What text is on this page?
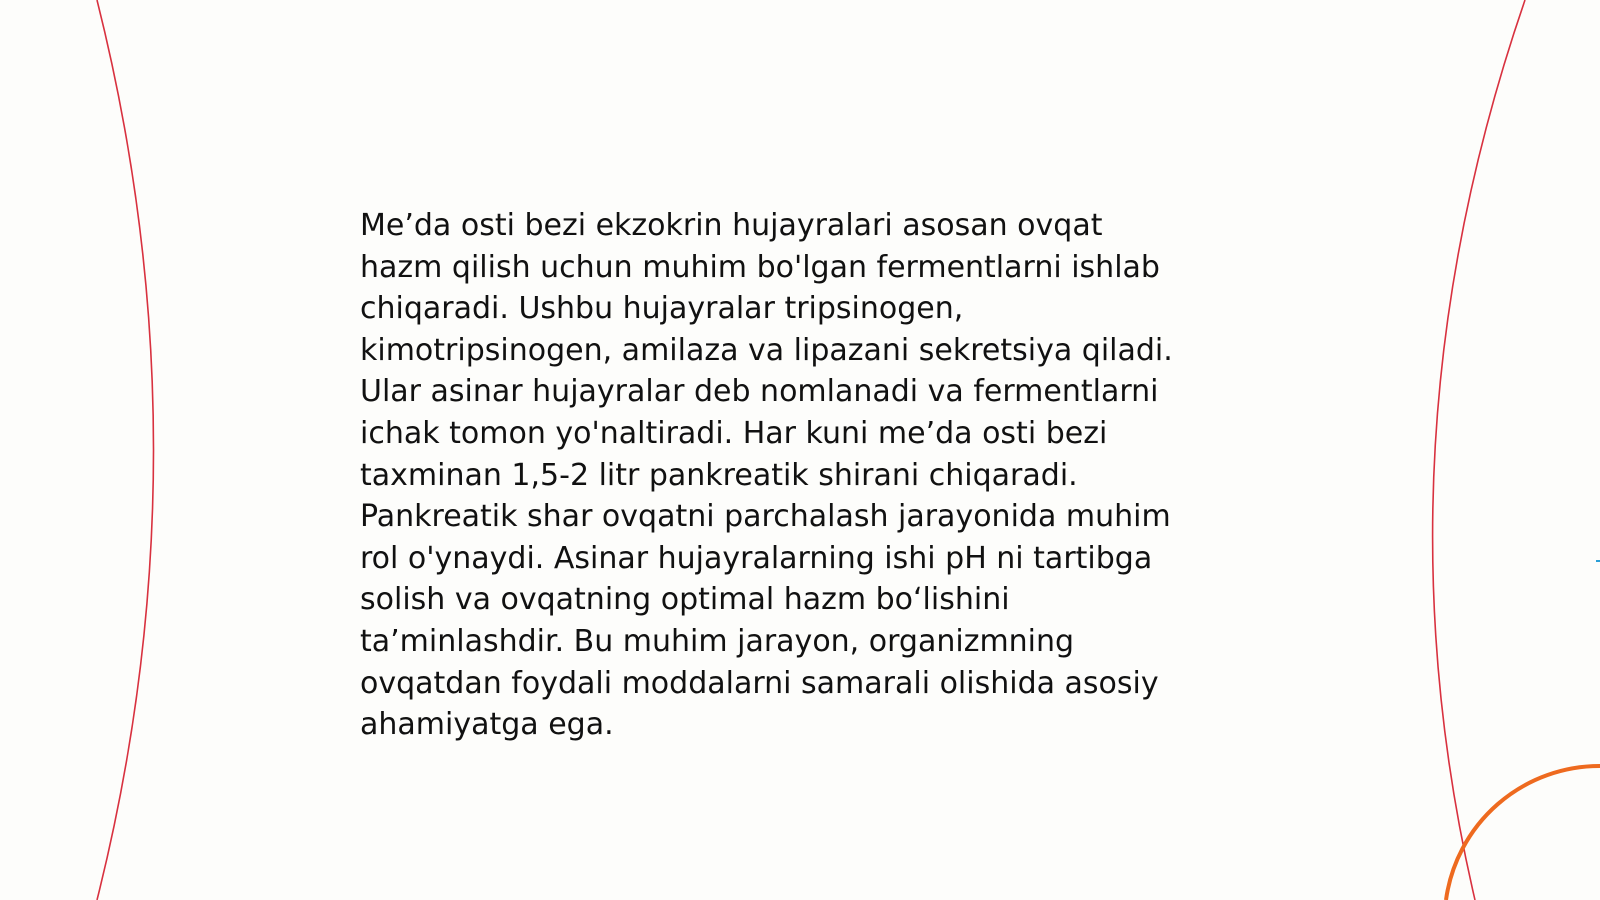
Me’da osti bezi ekzokrin hujayralari asosan ovqat
hazm qilish uchun muhim bo'lgan fermentlarni ishlab
chiqaradi. Ushbu hujayralar tripsinogen,
kimotripsinogen, amilaza va lipazani sekretsiya qiladi.
Ular asinar hujayralar deb nomlanadi va fermentlarni
ichak tomon yo'naltiradi. Har kuni me’da osti bezi
taxminan 1,5-2 litr pankreatik shirani chiqaradi.
Pankreatik shar ovqatni parchalash jarayonida muhim
rol o'ynaydi. Asinar hujayralarning ishi pH ni tartibga
solish va ovqatning optimal hazm bo‘lishini
ta’minlashdir. Bu muhim jarayon, organizmning
ovqatdan foydali moddalarni samarali olishida asosiy
ahamiyatga ega.
